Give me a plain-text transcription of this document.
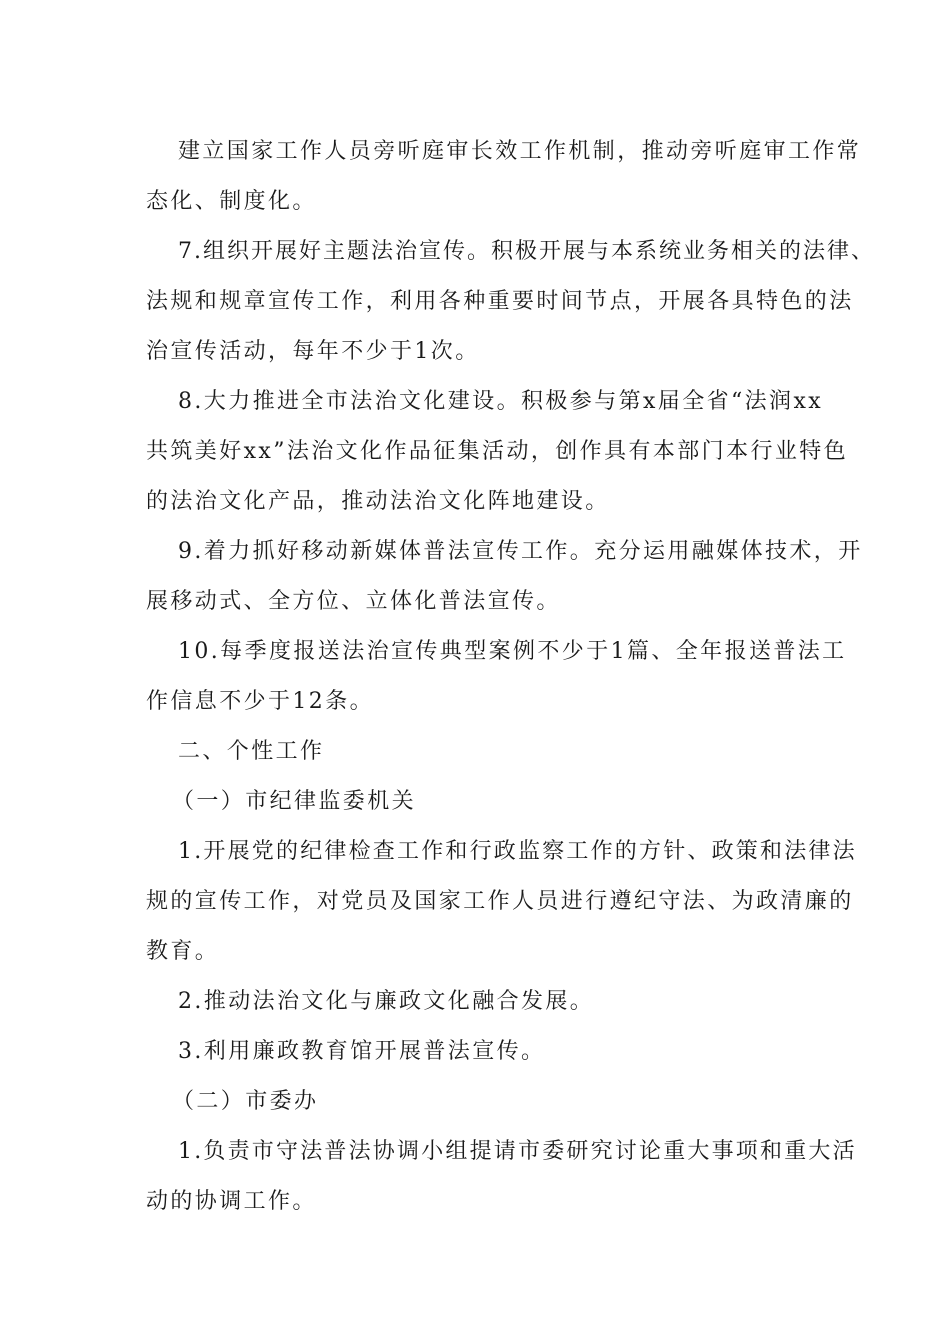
建立国家工作人员旁听庭审长效工作机制，推动旁听庭审工作常
态化、制度化。
7.组织开展好主题法治宣传。积极开展与本系统业务相关的法律、
法规和规章宣传工作，利用各种重要时间节点，开展各具特色的法
治宣传活动，每年不少于1次。
8.大力推进全市法治文化建设。积极参与第x届全省“法润xx
共筑美好xx”法治文化作品征集活动，创作具有本部门本行业特色
的法治文化产品，推动法治文化阵地建设。
9.着力抓好移动新媒体普法宣传工作。充分运用融媒体技术，开
展移动式、全方位、立体化普法宣传。
10.每季度报送法治宣传典型案例不少于1篇、全年报送普法工
作信息不少于12条。
二、个性工作
（一）市纪律监委机关
1.开展党的纪律检查工作和行政监察工作的方针、政策和法律法
规的宣传工作，对党员及国家工作人员进行遵纪守法、为政清廉的
教育。
2.推动法治文化与廉政文化融合发展。
3.利用廉政教育馆开展普法宣传。
（二）市委办
1.负责市守法普法协调小组提请市委研究讨论重大事项和重大活
动的协调工作。
